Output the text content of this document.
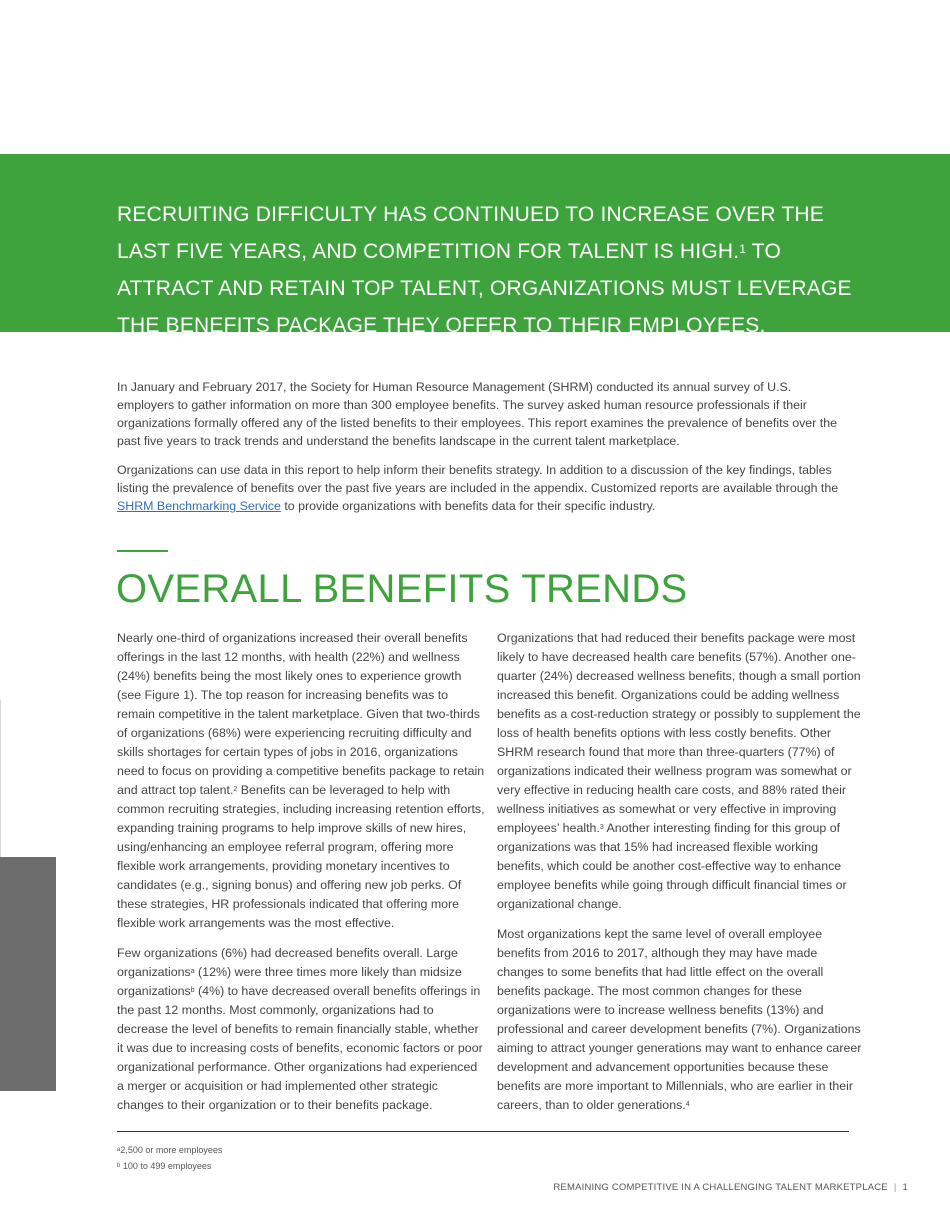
RECRUITING DIFFICULTY HAS CONTINUED TO INCREASE OVER THE LAST FIVE YEARS, AND COMPETITION FOR TALENT IS HIGH.$^1$ TO ATTRACT AND RETAIN TOP TALENT, ORGANIZATIONS MUST LEVERAGE THE BENEFITS PACKAGE THEY OFFER TO THEIR EMPLOYEES.

In January and February 2017, the Society for Human Resource Management (SHRM) conducted its annual survey of U.S. employers to gather information on more than 300 employee benefits. The survey asked human resource professionals if their organizations formally offered any of the listed benefits to their employees. This report examines the prevalence of benefits over the past five years to track trends and understand the benefits landscape in the current talent marketplace.

Organizations can use data in this report to help inform their benefits strategy. In addition to a discussion of the key findings, tables listing the prevalence of benefits over the past five years are included in the appendix. Customized reports are available through the SHRM Benchmarking Service to provide organizations with benefits data for their specific industry.

OVERALL BENEFITS TRENDS

Nearly one-third of organizations increased their overall benefits offerings in the last 12 months, with health (22%) and wellness (24%) benefits being the most likely ones to experience growth (see Figure 1). The top reason for increasing benefits was to remain competitive in the talent marketplace. Given that two-thirds of organizations (68%) were experiencing recruiting difficulty and skills shortages for certain types of jobs in 2016, organizations need to focus on providing a competitive benefits package to retain and attract top talent.$^2$ Benefits can be leveraged to help with common recruiting strategies, including increasing retention efforts, expanding training programs to help improve skills of new hires, using/enhancing an employee referral program, offering more flexible work arrangements, providing monetary incentives to candidates (e.g., signing bonus) and offering new job perks. Of these strategies, HR professionals indicated that offering more flexible work arrangements was the most effective.

Few organizations (6%) had decreased benefits overall. Large organizations$^a$ (12%) were three times more likely than midsize organizations$^b$ (4%) to have decreased overall benefits offerings in the past 12 months. Most commonly, organizations had to decrease the level of benefits to remain financially stable, whether it was due to increasing costs of benefits, economic factors or poor organizational performance. Other organizations had experienced a merger or acquisition or had implemented other strategic changes to their organization or to their benefits package.

Organizations that had reduced their benefits package were most likely to have decreased health care benefits (57%). Another one-quarter (24%) decreased wellness benefits, though a small portion increased this benefit. Organizations could be adding wellness benefits as a cost-reduction strategy or possibly to supplement the loss of health benefits options with less costly benefits. Other SHRM research found that more than three-quarters (77%) of organizations indicated their wellness program was somewhat or very effective in reducing health care costs, and 88% rated their wellness initiatives as somewhat or very effective in improving employees’ health.$^3$ Another interesting finding for this group of organizations was that 15% had increased flexible working benefits, which could be another cost-effective way to enhance employee benefits while going through difficult financial times or organizational change.

Most organizations kept the same level of overall employee benefits from 2016 to 2017, although they may have made changes to some benefits that had little effect on the overall benefits package. The most common changes for these organizations were to increase wellness benefits (13%) and professional and career development benefits (7%). Organizations aiming to attract younger generations may want to enhance career development and advancement opportunities because these benefits are more important to Millennials, who are earlier in their careers, than to older generations.$^4$

$^a$2,500 or more employees
$^b$ 100 to 499 employees
REMAINING COMPETITIVE IN A CHALLENGING TALENT MARKETPLACE | 1
